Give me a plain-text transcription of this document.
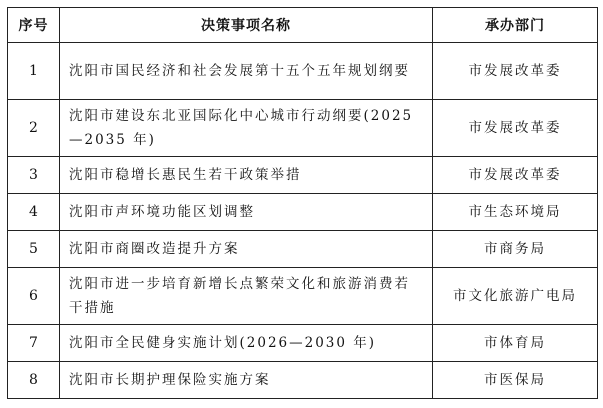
序号	决策事项名称	承办部门
1	沈阳市国民经济和社会发展第十五个五年规划纲要	市发展改革委
2	沈阳市建设东北亚国际化中心城市行动纲要(2025—2035 年)	市发展改革委
3	沈阳市稳增长惠民生若干政策举措	市发展改革委
4	沈阳市声环境功能区划调整	市生态环境局
5	沈阳市商圈改造提升方案	市商务局
6	沈阳市进一步培育新增长点繁荣文化和旅游消费若干措施	市文化旅游广电局
7	沈阳市全民健身实施计划(2026—2030 年)	市体育局
8	沈阳市长期护理保险实施方案	市医保局
